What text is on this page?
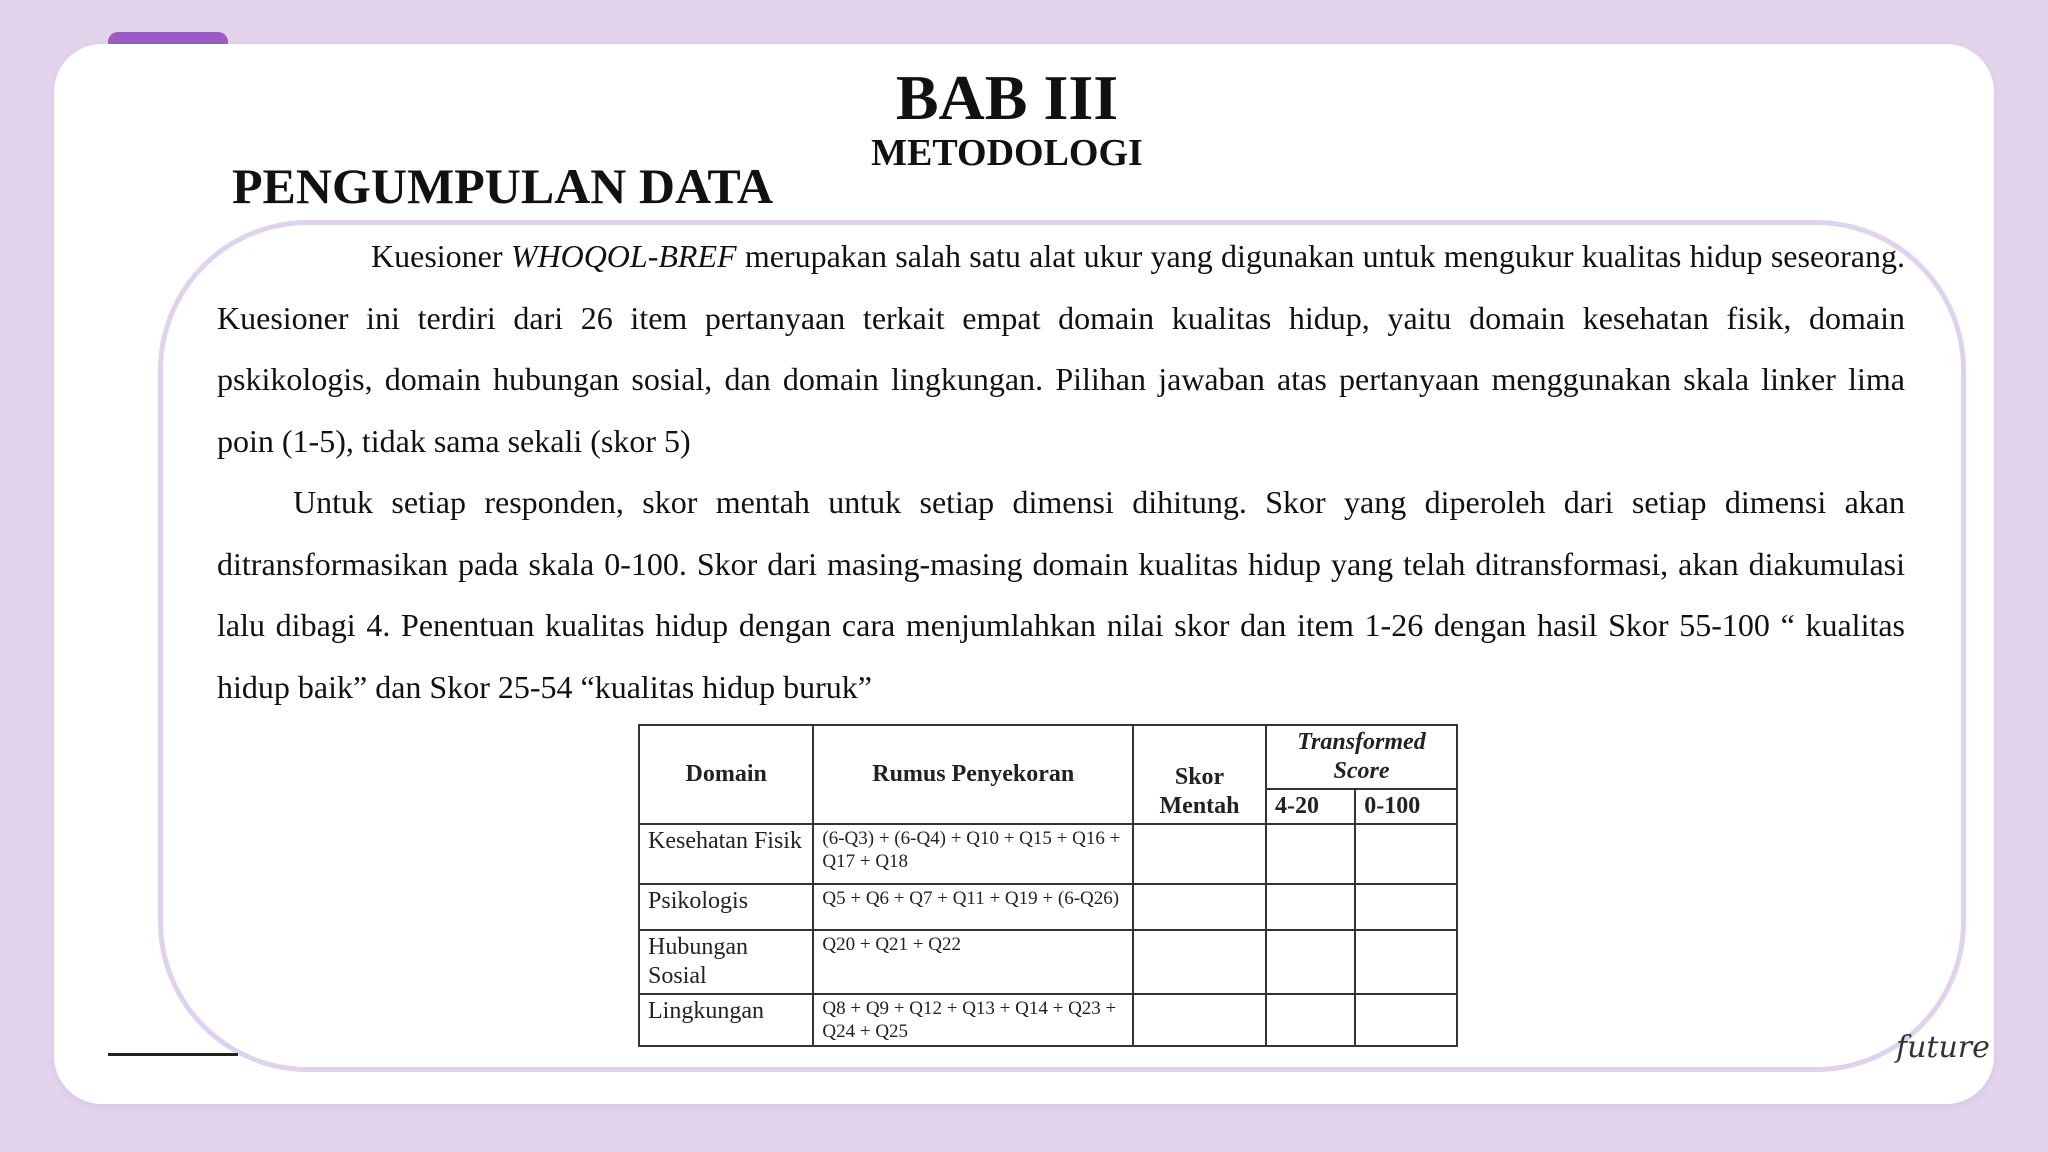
BAB III
METODOLOGI
PENGUMPULAN DATA

Kuesioner WHOQOL-BREF merupakan salah satu alat ukur yang digunakan untuk mengukur kualitas hidup seseorang. Kuesioner ini terdiri dari 26 item pertanyaan terkait empat domain kualitas hidup, yaitu domain kesehatan fisik, domain pskikologis, domain hubungan sosial, dan domain lingkungan. Pilihan jawaban atas pertanyaan menggunakan skala linker lima poin (1-5), tidak sama sekali (skor 5)

Untuk setiap responden, skor mentah untuk setiap dimensi dihitung. Skor yang diperoleh dari setiap dimensi akan ditransformasikan pada skala 0-100. Skor dari masing-masing domain kualitas hidup yang telah ditransformasi, akan diakumulasi lalu dibagi 4. Penentuan kualitas hidup dengan cara menjumlahkan nilai skor dan item 1-26 dengan hasil Skor 55-100 “ kualitas hidup baik” dan Skor 25-54 “kualitas hidup buruk”

Domain	Rumus Penyekoran	Skor Mentah	Transformed Score	
			4-20	0-100
Kesehatan Fisik	(6-Q3) + (6-Q4) + Q10 + Q15 + Q16 + Q17 + Q18			
Psikologis	Q5 + Q6 + Q7 + Q11 + Q19 + (6-Q26)			
Hubungan Sosial	Q20 + Q21 + Q22			
Lingkungan	Q8 + Q9 + Q12 + Q13 + Q14 + Q23 + Q24 + Q25				future
